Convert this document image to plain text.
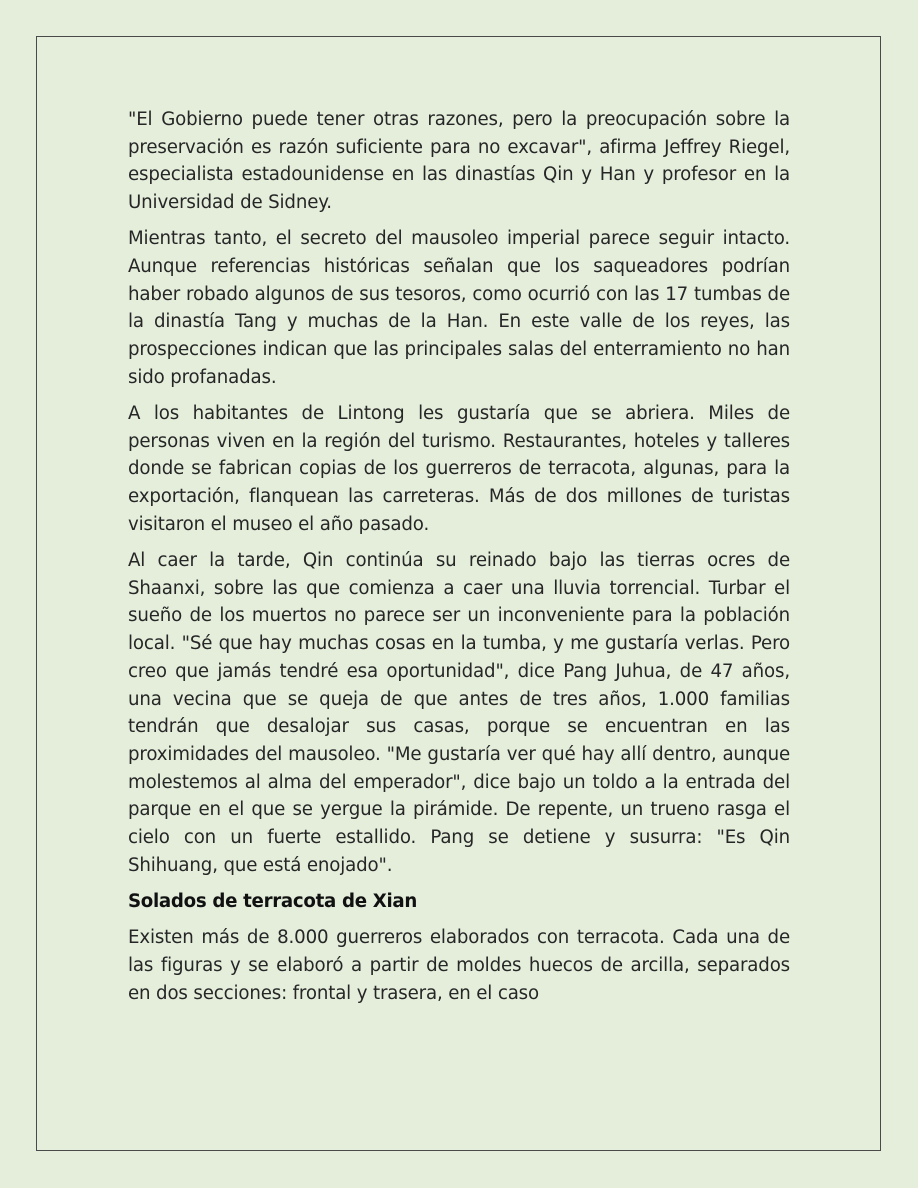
"El Gobierno puede tener otras razones, pero la preocupación sobre la preservación es razón suficiente para no excavar", afirma Jeffrey Riegel, especialista estadounidense en las dinastías Qin y Han y profesor en la Universidad de Sidney.

Mientras tanto, el secreto del mausoleo imperial parece seguir intacto. Aunque referencias históricas señalan que los saqueadores podrían haber robado algunos de sus tesoros, como ocurrió con las 17 tumbas de la dinastía Tang y muchas de la Han. En este valle de los reyes, las prospecciones indican que las principales salas del enterramiento no han sido profanadas.

A los habitantes de Lintong les gustaría que se abriera. Miles de personas viven en la región del turismo. Restaurantes, hoteles y talleres donde se fabrican copias de los guerreros de terracota, algunas, para la exportación, flanquean las carreteras. Más de dos millones de turistas visitaron el museo el año pasado.

Al caer la tarde, Qin continúa su reinado bajo las tierras ocres de Shaanxi, sobre las que comienza a caer una lluvia torrencial. Turbar el sueño de los muertos no parece ser un inconveniente para la población local. "Sé que hay muchas cosas en la tumba, y me gustaría verlas. Pero creo que jamás tendré esa oportunidad", dice Pang Juhua, de 47 años, una vecina que se queja de que antes de tres años, 1.000 familias tendrán que desalojar sus casas, porque se encuentran en las proximidades del mausoleo. "Me gustaría ver qué hay allí dentro, aunque molestemos al alma del emperador", dice bajo un toldo a la entrada del parque en el que se yergue la pirámide. De repente, un trueno rasga el cielo con un fuerte estallido. Pang se detiene y susurra: "Es Qin Shihuang, que está enojado".

Solados de terracota de Xian

Existen más de 8.000 guerreros elaborados con terracota. Cada una de las figuras y se elaboró a partir de moldes huecos de arcilla, separados en dos secciones: frontal y trasera, en el caso
